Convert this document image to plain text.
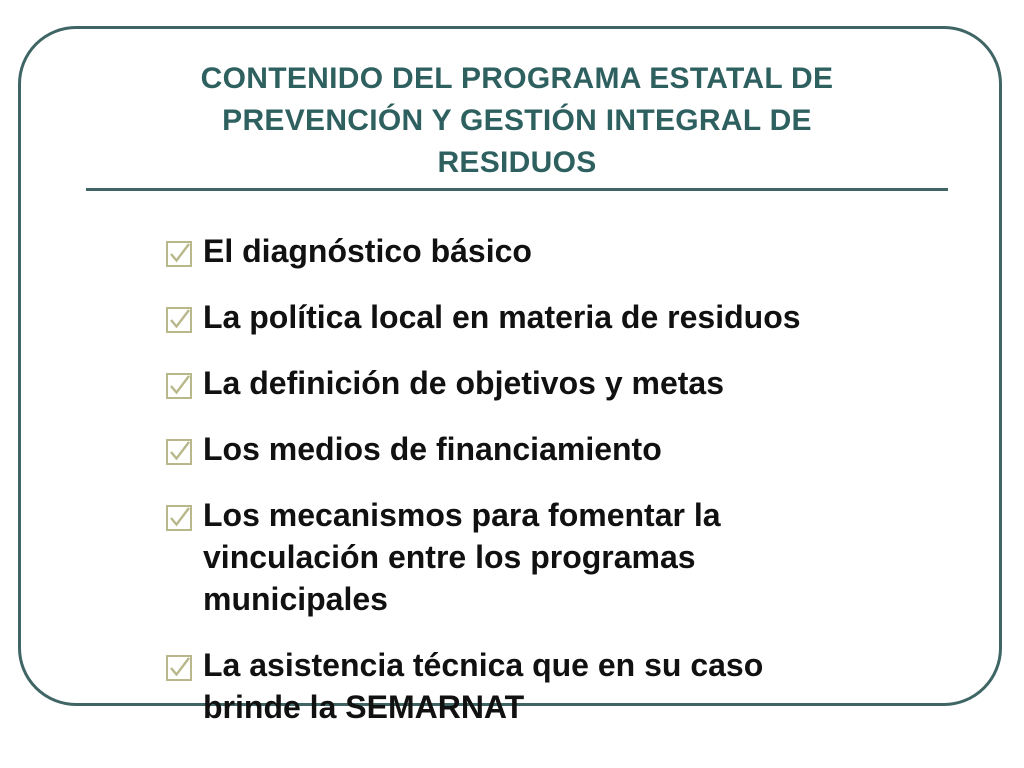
CONTENIDO DEL PROGRAMA ESTATAL DE
PREVENCIÓN Y GESTIÓN INTEGRAL DE
RESIDUOS
El diagnóstico básico
La política local en materia de residuos
La definición de objetivos y metas
Los medios de financiamiento
Los mecanismos para fomentar la
vinculación entre los programas
municipales
La asistencia técnica que en su caso
brinde la SEMARNAT
